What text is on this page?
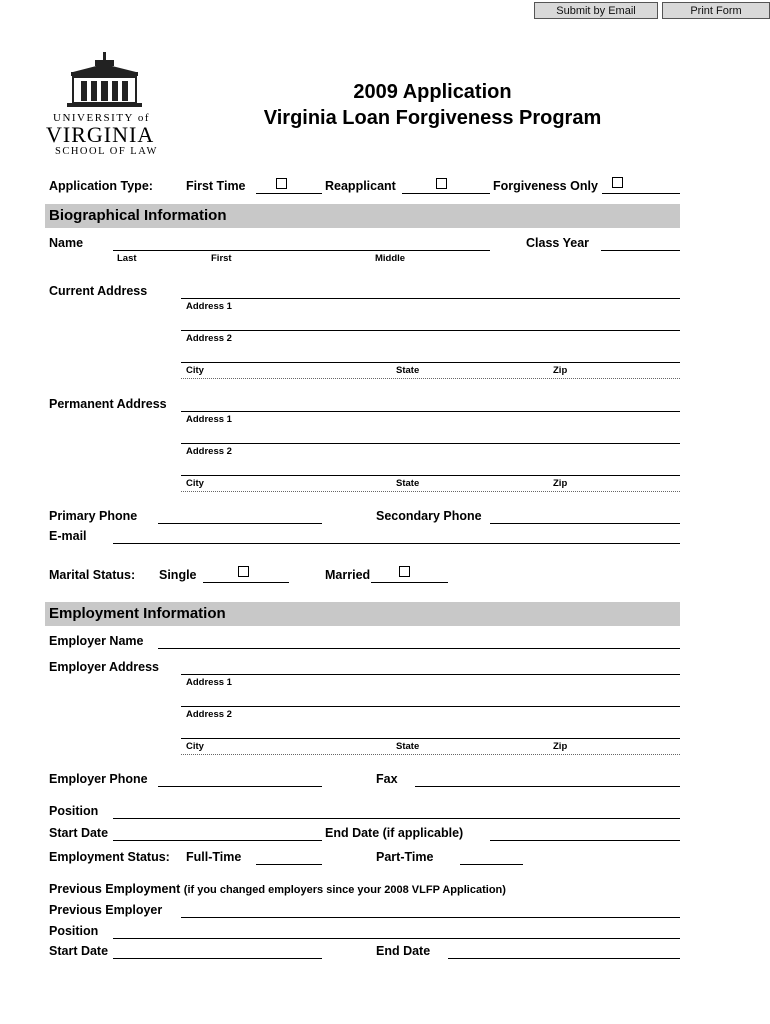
Submit by Email	Print Form
UNIVERSITY of
VIRGINIA
SCHOOL OF LAW
2009 Application
Virginia Loan Forgiveness Program
Application Type:	First Time	Reapplicant	Forgiveness Only
Biographical Information
Name
Last	First	Middle
Class Year
Current Address
Address 1
Address 2
City	State	Zip
Permanent Address
Address 1
Address 2
City	State	Zip
Primary Phone	Secondary Phone
E-mail
Marital Status: Single	Married
Employment Information
Employer Name
Employer Address
Address 1
Address 2
City	State	Zip
Employer Phone	Fax
Position
Start Date	End Date (if applicable)
Employment Status: Full-Time	Part-Time
Previous Employment (if you changed employers since your 2008 VLFP Application)
Previous Employer
Position
Start Date	End Date
